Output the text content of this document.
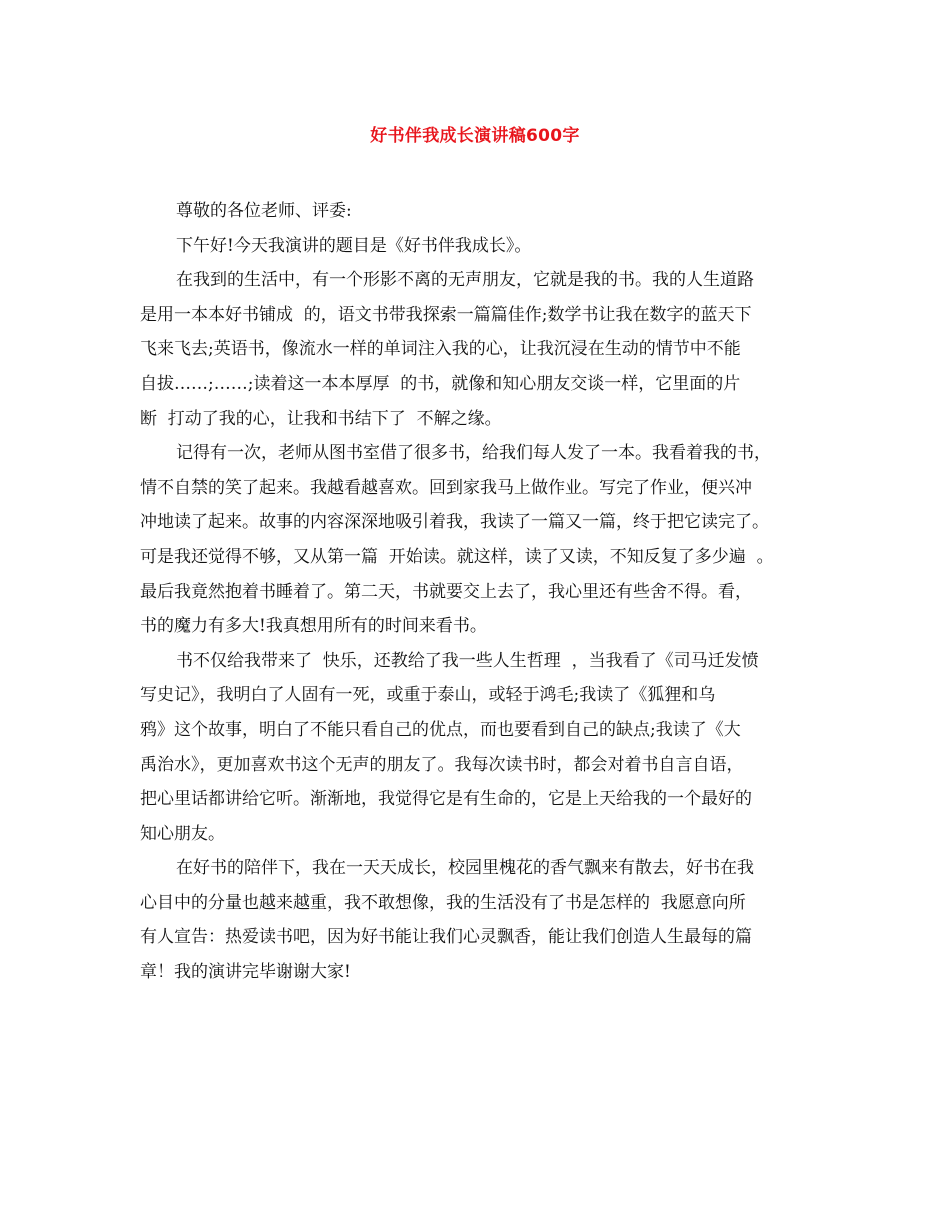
好书伴我成长演讲稿600字
尊敬的各位老师、评委:
下午好!今天我演讲的题目是《好书伴我成长》。
在我到的生活中，有一个形影不离的无声朋友，它就是我的书。我的人生道路
是用一本本好书铺成  的，语文书带我探索一篇篇佳作;数学书让我在数字的蓝天下
飞来飞去;英语书，像流水一样的单词注入我的心，让我沉浸在生动的情节中不能
自拔……;……;读着这一本本厚厚  的书，就像和知心朋友交谈一样，它里面的片
断  打动了我的心，让我和书结下了  不解之缘。
记得有一次，老师从图书室借了很多书，给我们每人发了一本。我看着我的书，
情不自禁的笑了起来。我越看越喜欢。回到家我马上做作业。写完了作业，便兴冲
冲地读了起来。故事的内容深深地吸引着我，我读了一篇又一篇，终于把它读完了。
可是我还觉得不够，又从第一篇  开始读。就这样，读了又读，不知反复了多少遍  。
最后我竟然抱着书睡着了。第二天，书就要交上去了，我心里还有些舍不得。看，
书的魔力有多大!我真想用所有的时间来看书。
书不仅给我带来了  快乐，还教给了我一些人生哲理  ，当我看了《司马迁发愤
写史记》，我明白了人固有一死，或重于泰山，或轻于鸿毛;我读了《狐狸和乌
鸦》这个故事，明白了不能只看自己的优点，而也要看到自己的缺点;我读了《大
禹治水》，更加喜欢书这个无声的朋友了。我每次读书时，都会对着书自言自语，
把心里话都讲给它听。渐渐地，我觉得它是有生命的，它是上天给我的一个最好的
知心朋友。
在好书的陪伴下，我在一天天成长，校园里槐花的香气飘来有散去，好书在我
心目中的分量也越来越重，我不敢想像，我的生活没有了书是怎样的  我愿意向所
有人宣告：热爱读书吧，因为好书能让我们心灵飘香，能让我们创造人生最每的篇
章！我的演讲完毕谢谢大家!
